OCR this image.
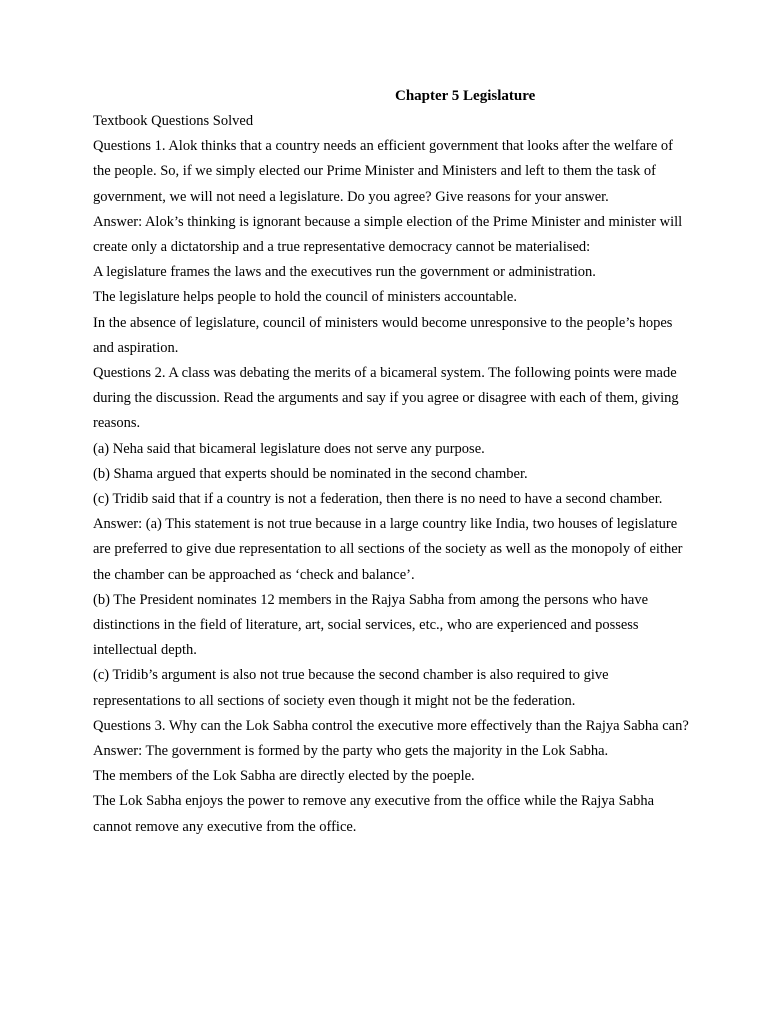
Chapter 5 Legislature

Textbook Questions Solved

Questions 1. Alok thinks that a country needs an efficient government that looks after the welfare of the people. So, if we simply elected our Prime Minister and Ministers and left to them the task of government, we will not need a legislature. Do you agree? Give reasons for your answer.

Answer: Alok’s thinking is ignorant because a simple election of the Prime Minister and minister will create only a dictatorship and a true representative democracy cannot be materialised:

A legislature frames the laws and the executives run the government or administration.

The legislature helps people to hold the council of ministers accountable.

In the absence of legislature, council of ministers would become unresponsive to the people’s hopes and aspiration.

Questions 2. A class was debating the merits of a bicameral system. The following points were made during the discussion. Read the arguments and say if you agree or disagree with each of them, giving reasons.

(a) Neha said that bicameral legislature does not serve any purpose.

(b) Shama argued that experts should be nominated in the second chamber.

(c) Tridib said that if a country is not a federation, then there is no need to have a second chamber.

Answer: (a) This statement is not true because in a large country like India, two houses of legislature are preferred to give due representation to all sections of the society as well as the monopoly of either the chamber can be approached as ‘check and balance’.

(b) The President nominates 12 members in the Rajya Sabha from among the persons who have distinctions in the field of literature, art, social services, etc., who are experienced and possess intellectual depth.

(c) Tridib’s argument is also not true because the second chamber is also required to give representations to all sections of society even though it might not be the federation.

Questions 3. Why can the Lok Sabha control the executive more effectively than the Rajya Sabha can?

Answer: The government is formed by the party who gets the majority in the Lok Sabha.

The members of the Lok Sabha are directly elected by the poeple.

The Lok Sabha enjoys the power to remove any executive from the office while the Rajya Sabha cannot remove any executive from the office.
